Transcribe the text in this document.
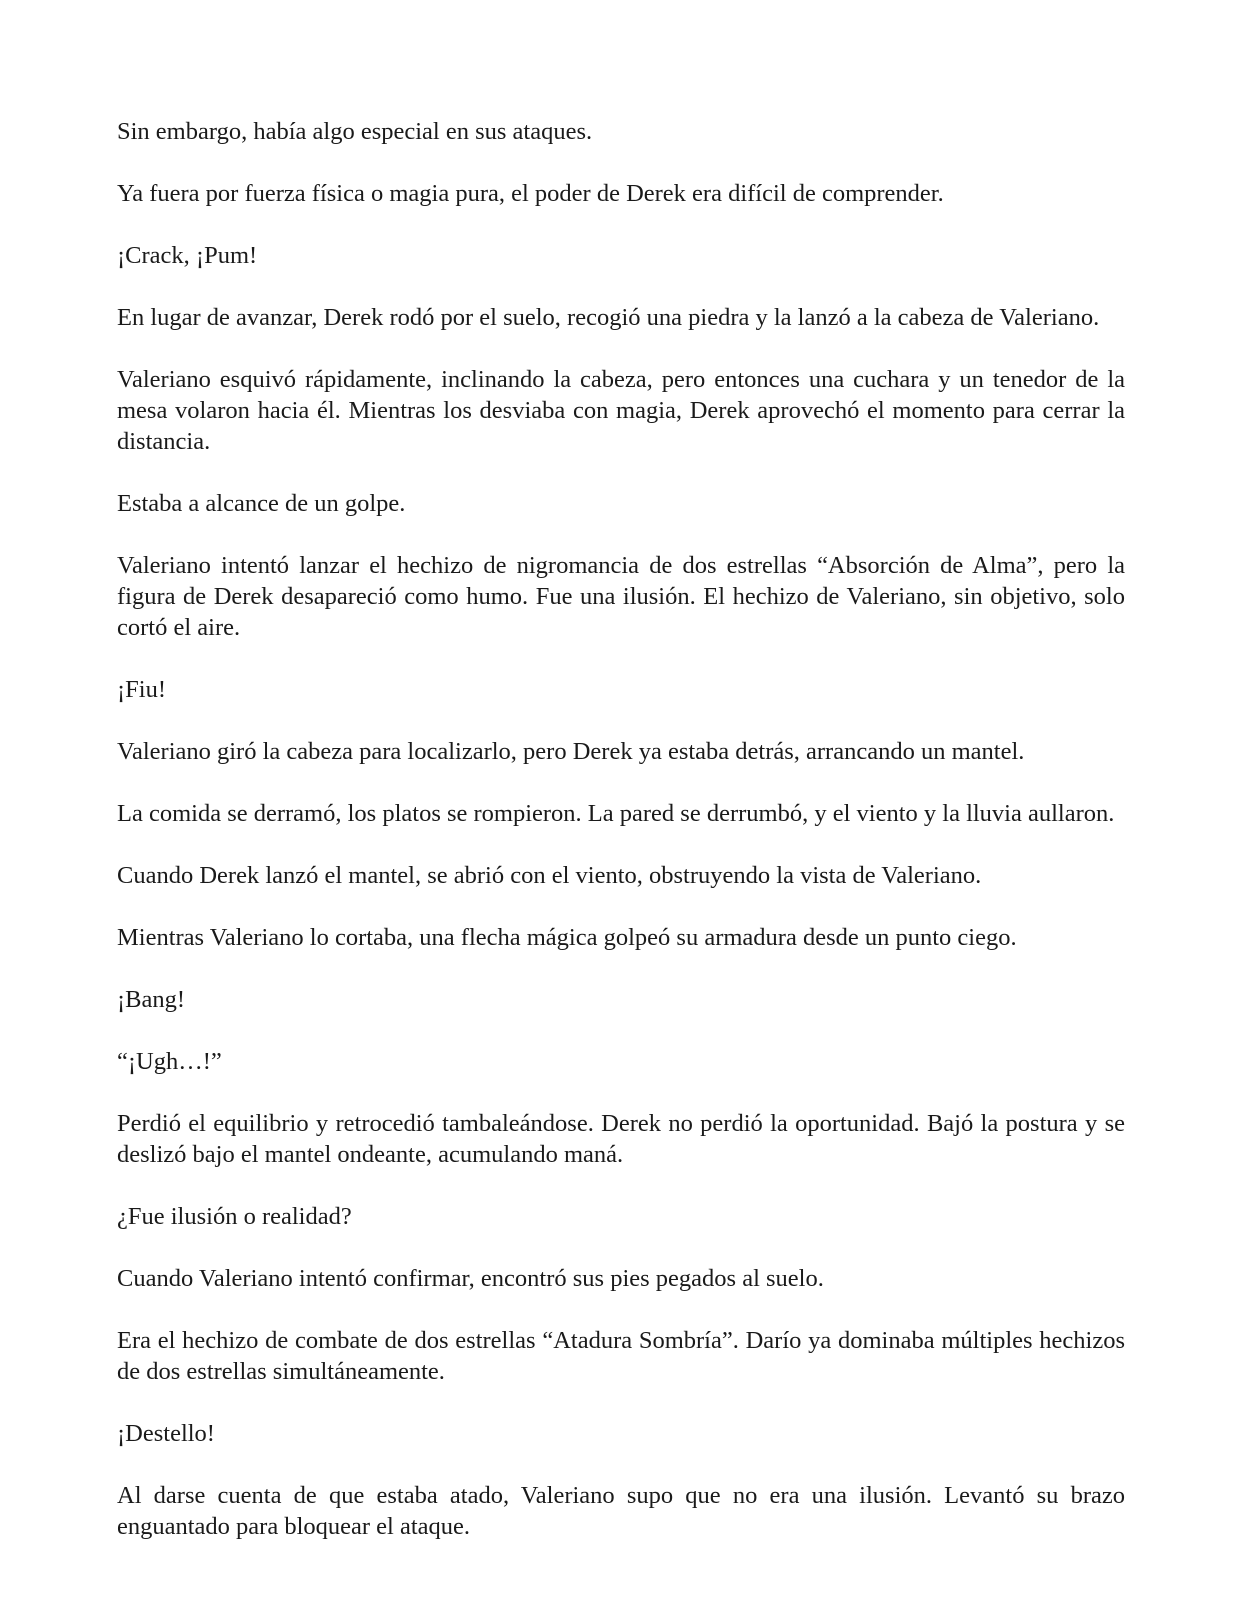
Sin embargo, había algo especial en sus ataques.

Ya fuera por fuerza física o magia pura, el poder de Derek era difícil de comprender.

¡Crack, ¡Pum!

En lugar de avanzar, Derek rodó por el suelo, recogió una piedra y la lanzó a la cabeza de Valeriano.

Valeriano esquivó rápidamente, inclinando la cabeza, pero entonces una cuchara y un tenedor de la mesa volaron hacia él. Mientras los desviaba con magia, Derek aprovechó el momento para cerrar la distancia.

Estaba a alcance de un golpe.

Valeriano intentó lanzar el hechizo de nigromancia de dos estrellas “Absorción de Alma”, pero la figura de Derek desapareció como humo. Fue una ilusión. El hechizo de Valeriano, sin objetivo, solo cortó el aire.

¡Fiu!

Valeriano giró la cabeza para localizarlo, pero Derek ya estaba detrás, arrancando un mantel.

La comida se derramó, los platos se rompieron. La pared se derrumbó, y el viento y la lluvia aullaron.

Cuando Derek lanzó el mantel, se abrió con el viento, obstruyendo la vista de Valeriano.

Mientras Valeriano lo cortaba, una flecha mágica golpeó su armadura desde un punto ciego.

¡Bang!

“¡Ugh…!”

Perdió el equilibrio y retrocedió tambaleándose. Derek no perdió la oportunidad. Bajó la postura y se deslizó bajo el mantel ondeante, acumulando maná.

¿Fue ilusión o realidad?

Cuando Valeriano intentó confirmar, encontró sus pies pegados al suelo.

Era el hechizo de combate de dos estrellas “Atadura Sombría”. Darío ya dominaba múltiples hechizos de dos estrellas simultáneamente.

¡Destello!

Al darse cuenta de que estaba atado, Valeriano supo que no era una ilusión. Levantó su brazo enguantado para bloquear el ataque.
